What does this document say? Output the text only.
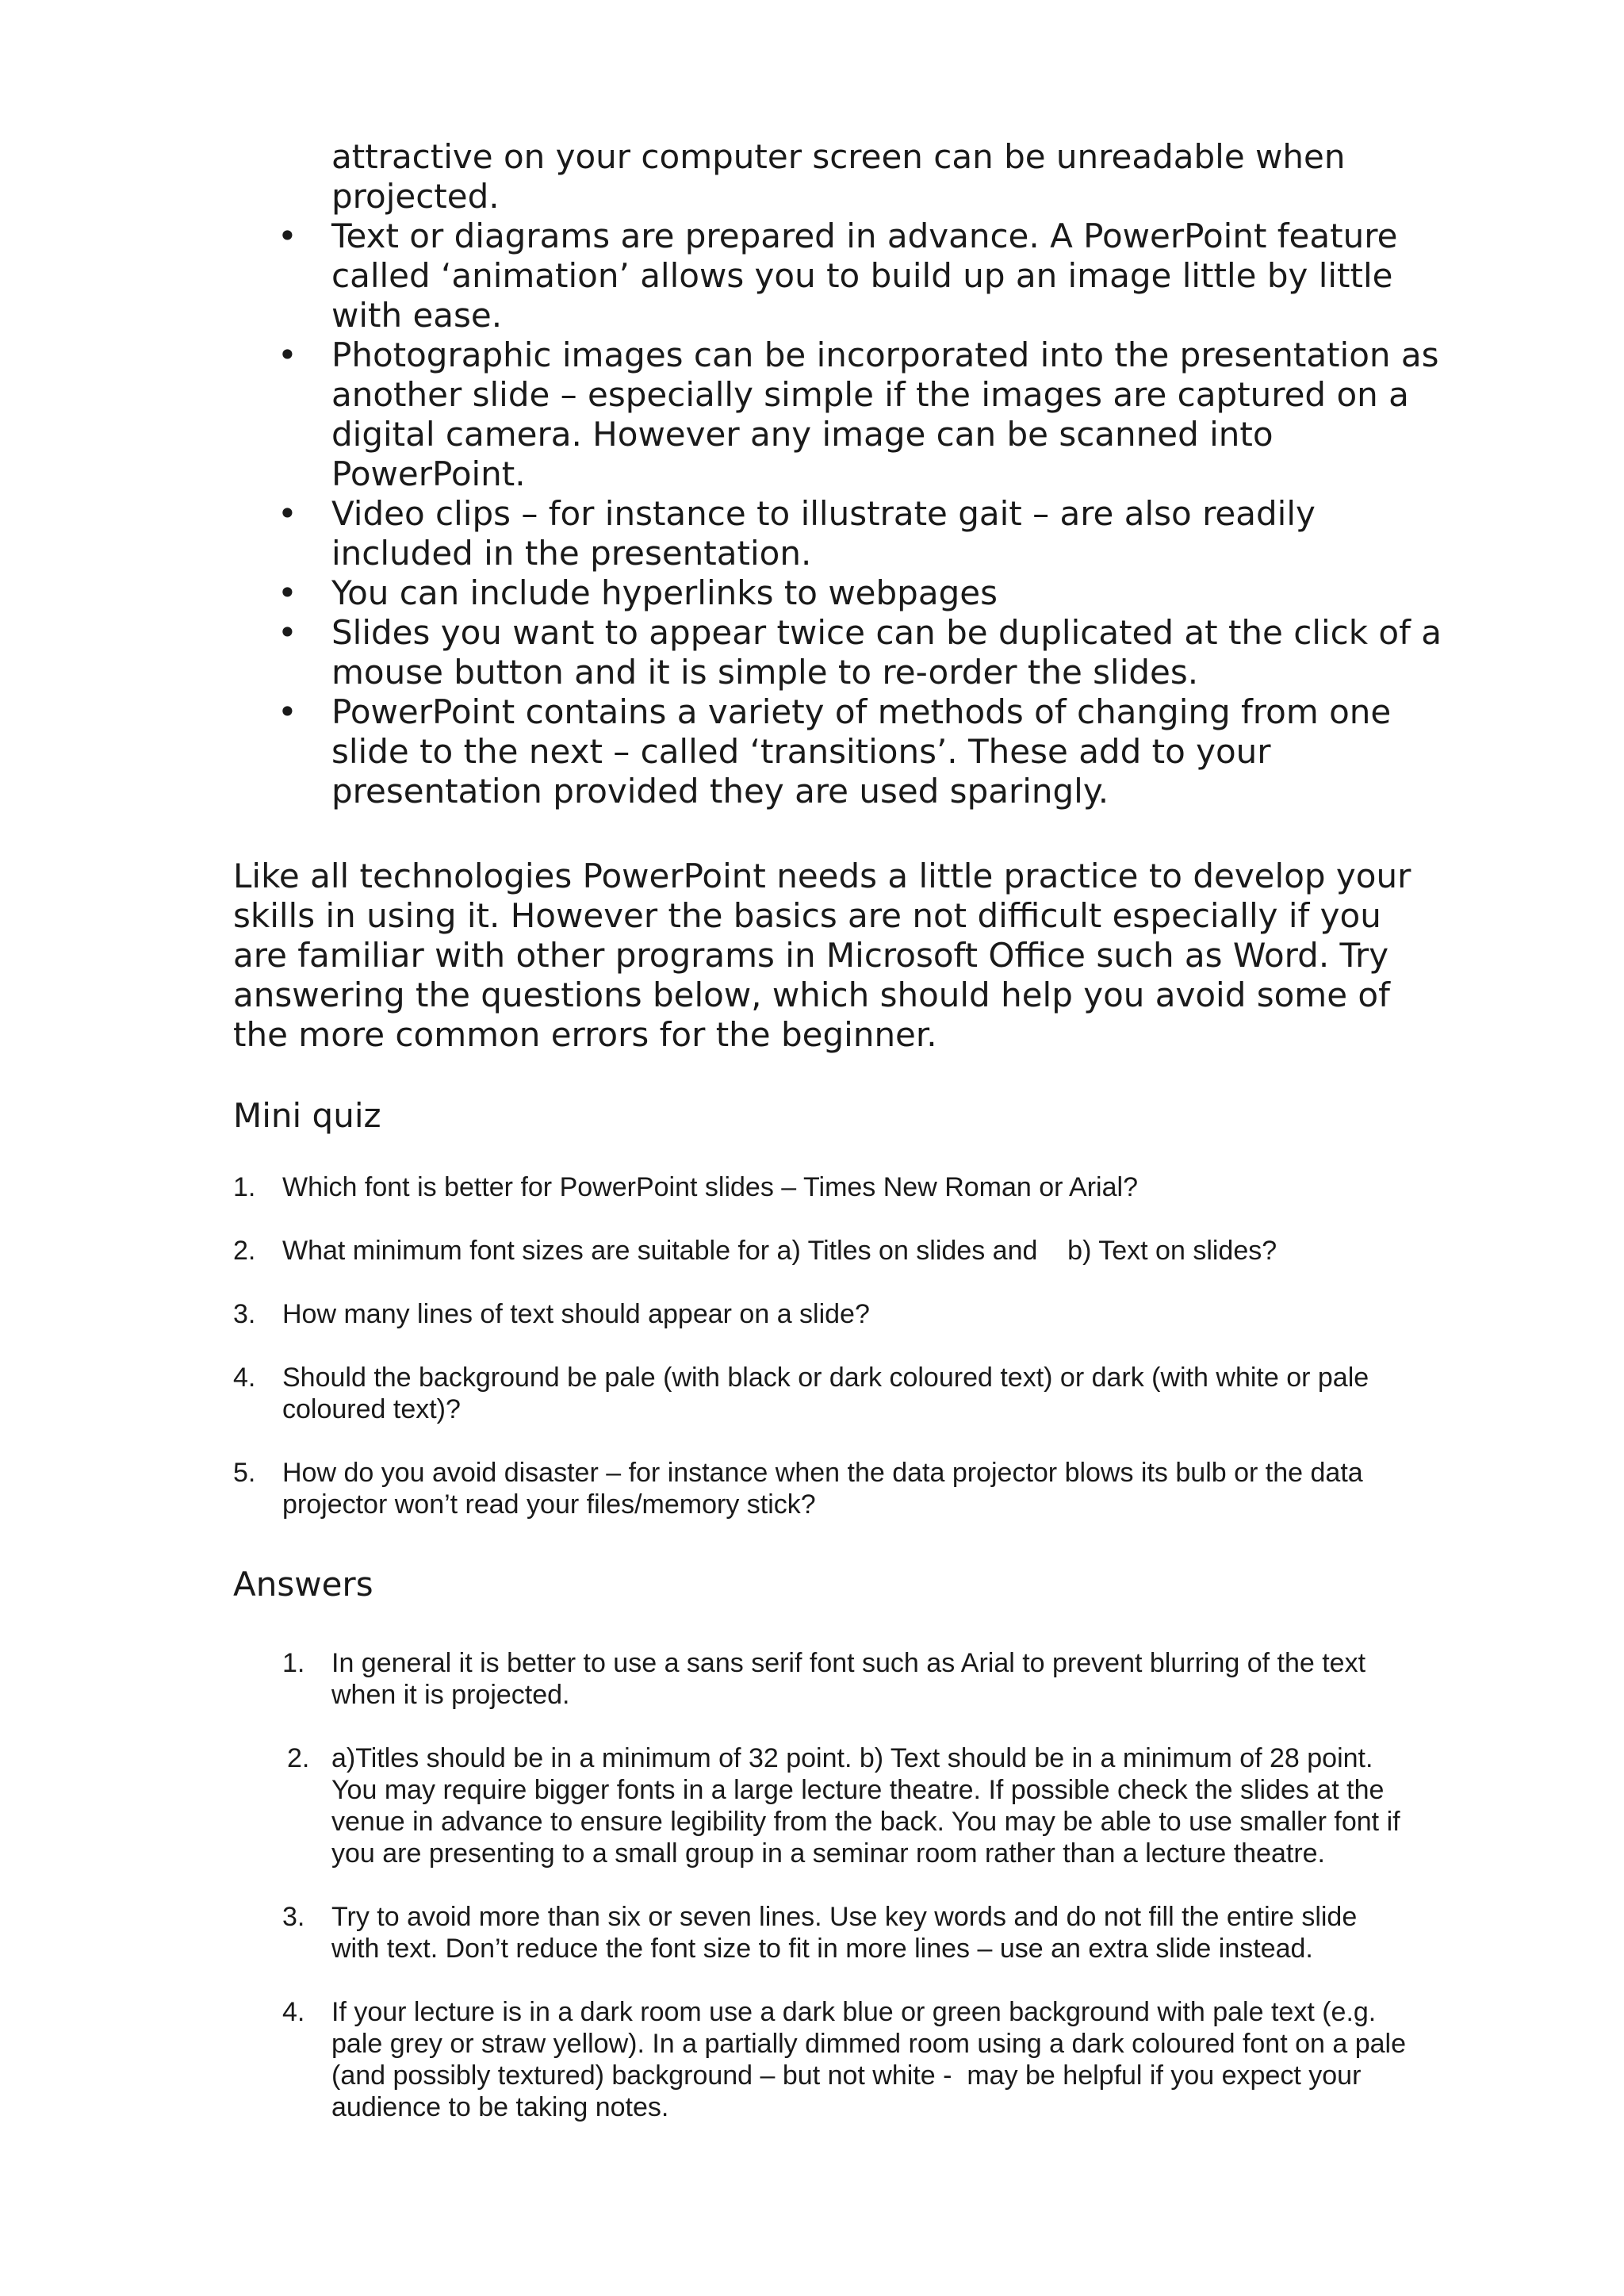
attractive on your computer screen can be unreadable when projected.
• Text or diagrams are prepared in advance. A PowerPoint feature called ‘animation’ allows you to build up an image little by little with ease.
• Photographic images can be incorporated into the presentation as another slide – especially simple if the images are captured on a digital camera. However any image can be scanned into PowerPoint.
• Video clips – for instance to illustrate gait – are also readily included in the presentation.
• You can include hyperlinks to webpages
• Slides you want to appear twice can be duplicated at the click of a mouse button and it is simple to re-order the slides.
• PowerPoint contains a variety of methods of changing from one slide to the next – called ‘transitions’. These add to your presentation provided they are used sparingly.

Like all technologies PowerPoint needs a little practice to develop your skills in using it. However the basics are not difficult especially if you are familiar with other programs in Microsoft Office such as Word. Try answering the questions below, which should help you avoid some of the more common errors for the beginner.

Mini quiz
1. Which font is better for PowerPoint slides – Times New Roman or Arial?
2. What minimum font sizes are suitable for a) Titles on slides and    b) Text on slides?
3. How many lines of text should appear on a slide?
4. Should the background be pale (with black or dark coloured text) or dark (with white or pale coloured text)?
5. How do you avoid disaster – for instance when the data projector blows its bulb or the data projector won’t read your files/memory stick?
Answers
1. In general it is better to use a sans serif font such as Arial to prevent blurring of the text when it is projected.
2. a)Titles should be in a minimum of 32 point. b) Text should be in a minimum of 28 point. You may require bigger fonts in a large lecture theatre. If possible check the slides at the venue in advance to ensure legibility from the back. You may be able to use smaller font if you are presenting to a small group in a seminar room rather than a lecture theatre.
3. Try to avoid more than six or seven lines. Use key words and do not fill the entire slide with text. Don’t reduce the font size to fit in more lines – use an extra slide instead.
4. If your lecture is in a dark room use a dark blue or green background with pale text (e.g. pale grey or straw yellow). In a partially dimmed room using a dark coloured font on a pale (and possibly textured) background – but not white -  may be helpful if you expect your audience to be taking notes.
